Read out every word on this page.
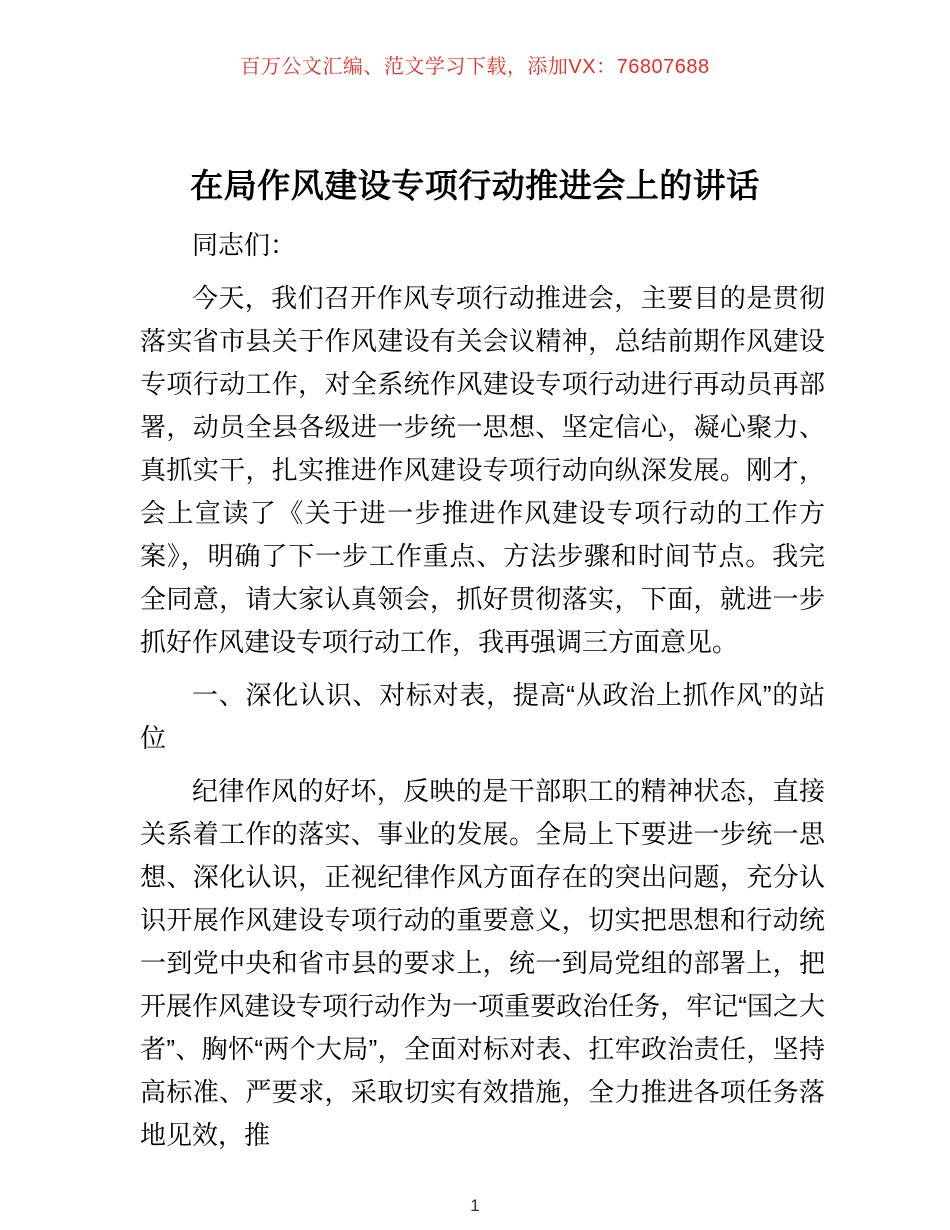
百万公文汇编、范文学习下载，添加VX：76807688
在局作风建设专项行动推进会上的讲话

同志们：

今天，我们召开作风专项行动推进会，主要目的是贯彻落实省市县关于作风建设有关会议精神，总结前期作风建设专项行动工作，对全系统作风建设专项行动进行再动员再部署，动员全县各级进一步统一思想、坚定信心，凝心聚力、真抓实干，扎实推进作风建设专项行动向纵深发展。刚才，会上宣读了《关于进一步推进作风建设专项行动的工作方案》，明确了下一步工作重点、方法步骤和时间节点。我完全同意，请大家认真领会，抓好贯彻落实，下面，就进一步抓好作风建设专项行动工作，我再强调三方面意见。

一、深化认识、对标对表，提高“从政治上抓作风”的站位

纪律作风的好坏，反映的是干部职工的精神状态，直接关系着工作的落实、事业的发展。全局上下要进一步统一思想、深化认识，正视纪律作风方面存在的突出问题，充分认识开展作风建设专项行动的重要意义，切实把思想和行动统一到党中央和省市县的要求上，统一到局党组的部署上，把开展作风建设专项行动作为一项重要政治任务，牢记“国之大者”、胸怀“两个大局”，全面对标对表、扛牢政治责任，坚持高标准、严要求，采取切实有效措施，全力推进各项任务落地见效，推

1
